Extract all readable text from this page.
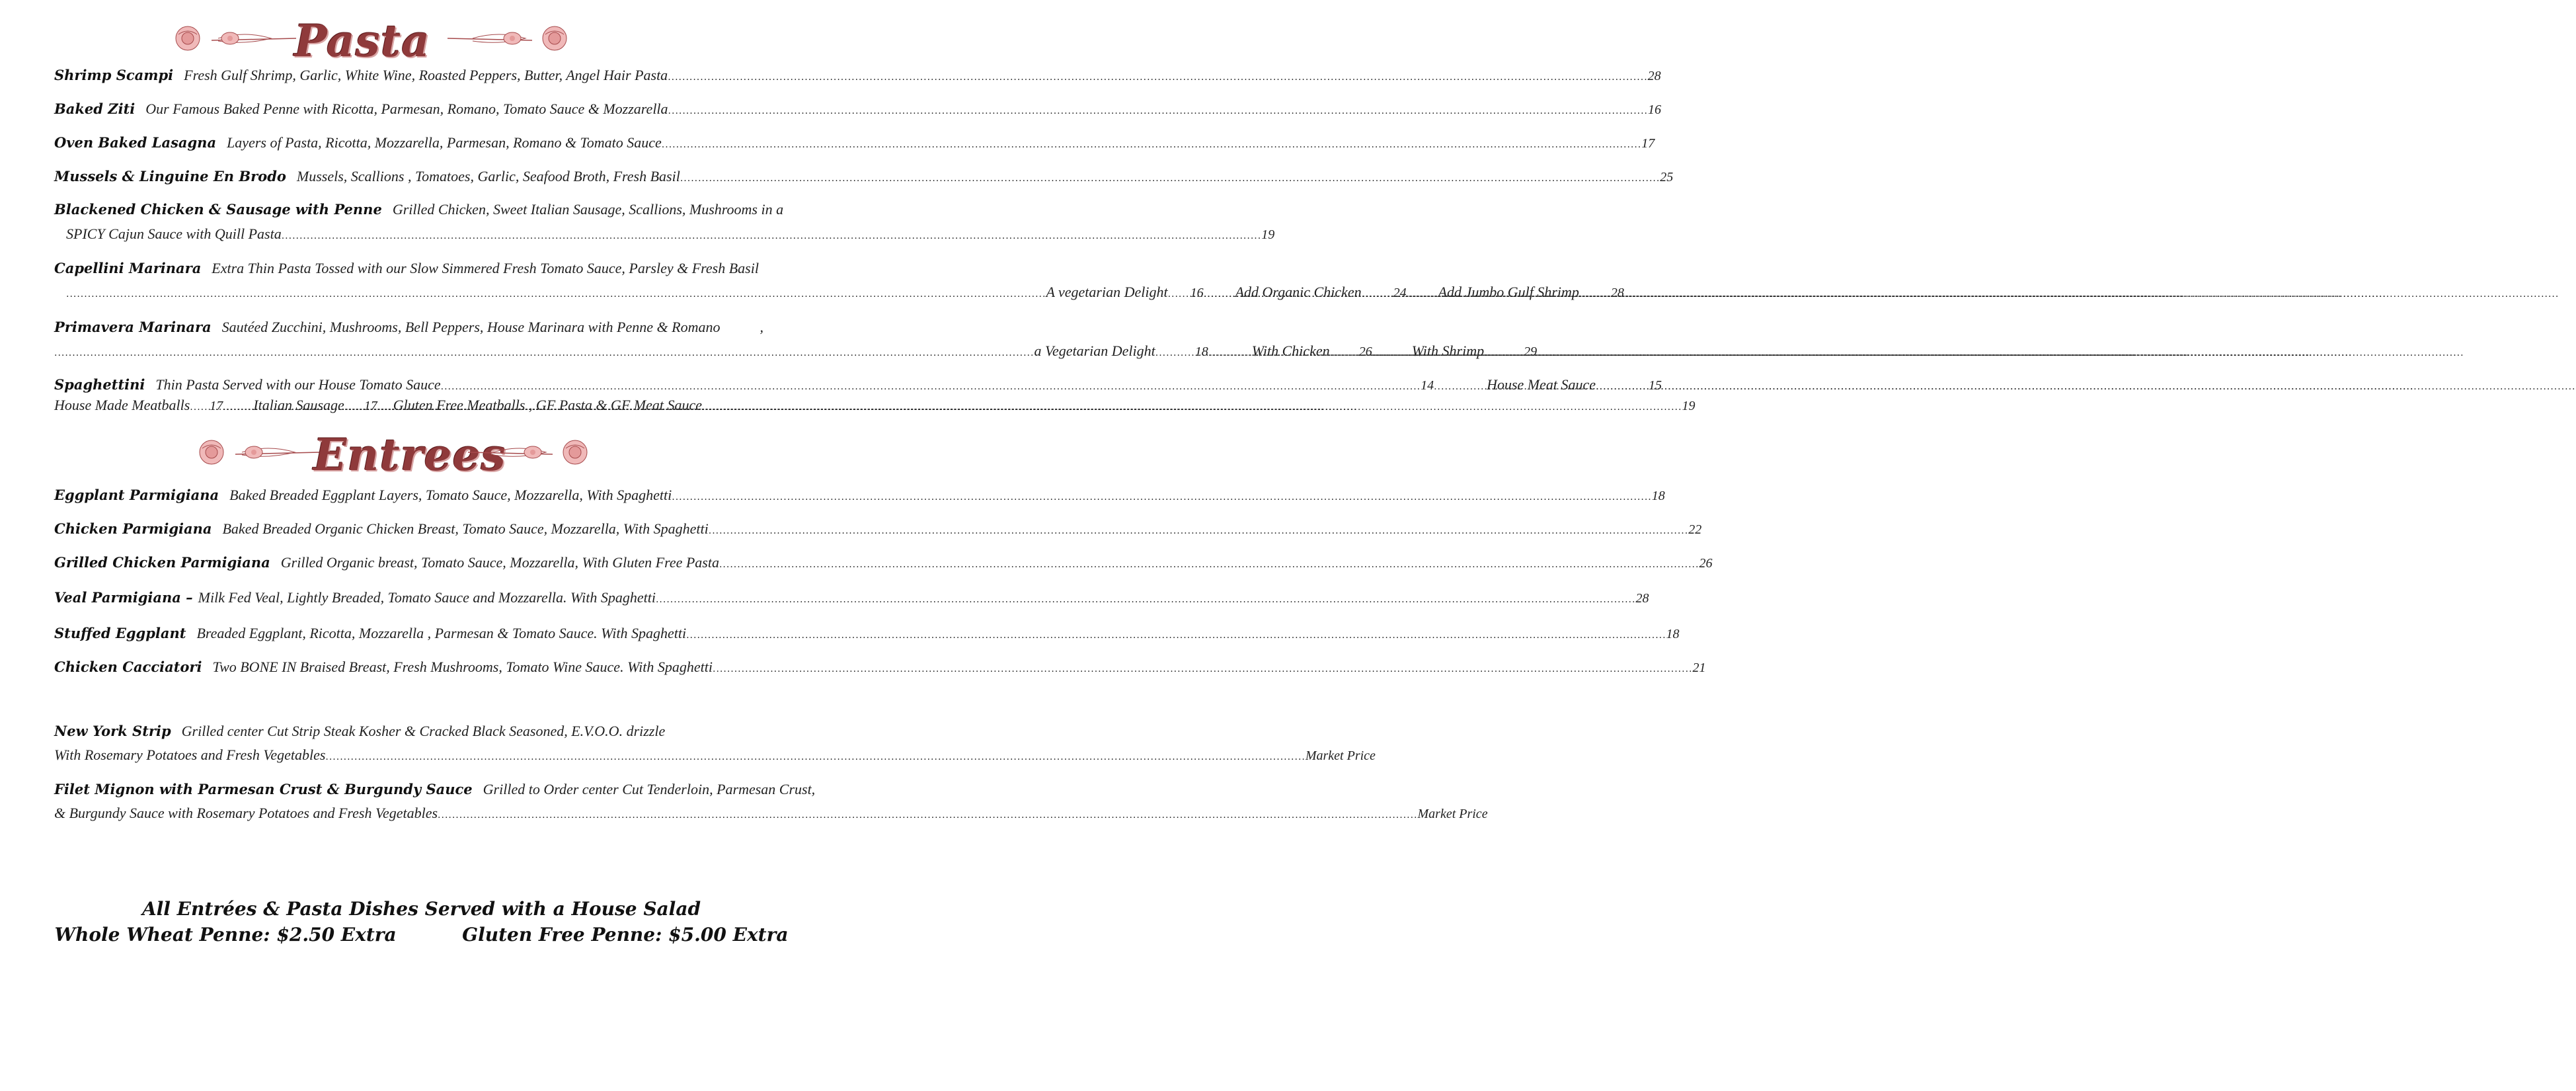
Pasta
Shrimp Scampi Fresh Gulf Shrimp, Garlic, White Wine, Roasted Peppers, Butter, Angel Hair Pasta .....	28
Baked Ziti Our Famous Baked Penne with Ricotta, Parmesan, Romano, Tomato Sauce & Mozzarella .....	16
Oven Baked Lasagna Layers of Pasta, Ricotta, Mozzarella, Parmesan, Romano & Tomato Sauce .....	17
Mussels & Linguine En Brodo Mussels, Scallions , Tomatoes, Garlic, Seafood Broth, Fresh Basil .....	25
Blackened Chicken & Sausage with Penne Grilled Chicken, Sweet Italian Sausage, Scallions, Mushrooms in a
SPICY Cajun Sauce with Quill Pasta .....	19
Capellini Marinara Extra Thin Pasta Tossed with our Slow Simmered Fresh Tomato Sauce, Parsley & Fresh Basil
.....
A vegetarian Delight ..... 16 ..... Add Organic Chicken ..... 24 ..... Add Jumbo Gulf Shrimp ..... 28
Primavera Marinara Sautéed Zucchini, Mushrooms, Bell Peppers, House Marinara with Penne & Romano	,
.....
a Vegetarian Delight .....	18 .....	With Chicken ..... 26 .....	With Shrimp .....	29
Spaghettini Thin Pasta Served with our House Tomato Sauce .....	14 .....	House Meat Sauce .....	15
House Made Meatballs ..... 17 ..... Italian Sausage ..... 17 ..... Gluten Free Meatballs , GF Pasta & GF Meat Sauce .....	19
Entrees
Eggplant Parmigiana Baked Breaded Eggplant Layers, Tomato Sauce, Mozzarella, With Spaghetti .....	18
Chicken Parmigiana Baked Breaded Organic Chicken Breast, Tomato Sauce, Mozzarella, With Spaghetti .....	22
Grilled Chicken Parmigiana Grilled Organic breast, Tomato Sauce, Mozzarella, With Gluten Free Pasta .....	26
Veal Parmigiana – Milk Fed Veal, Lightly Breaded, Tomato Sauce and Mozzarella. With Spaghetti .....	28
Stuffed Eggplant Breaded Eggplant, Ricotta, Mozzarella , Parmesan & Tomato Sauce. With Spaghetti .....	18
Chicken Cacciatori Two BONE IN Braised Breast, Fresh Mushrooms, Tomato Wine Sauce. With Spaghetti .....	21
New York Strip Grilled center Cut Strip Steak Kosher & Cracked Black Seasoned, E.V.O.O. drizzle
With Rosemary Potatoes and Fresh Vegetables .....	Market Price
Filet Mignon with Parmesan Crust & Burgundy Sauce Grilled to Order center Cut Tenderloin, Parmesan Crust,
& Burgundy Sauce with Rosemary Potatoes and Fresh Vegetables .....	Market Price
All Entrées & Pasta Dishes Served with a House Salad
Whole Wheat Penne: $2.50 Extra	Gluten Free Penne: $5.00 Extra
